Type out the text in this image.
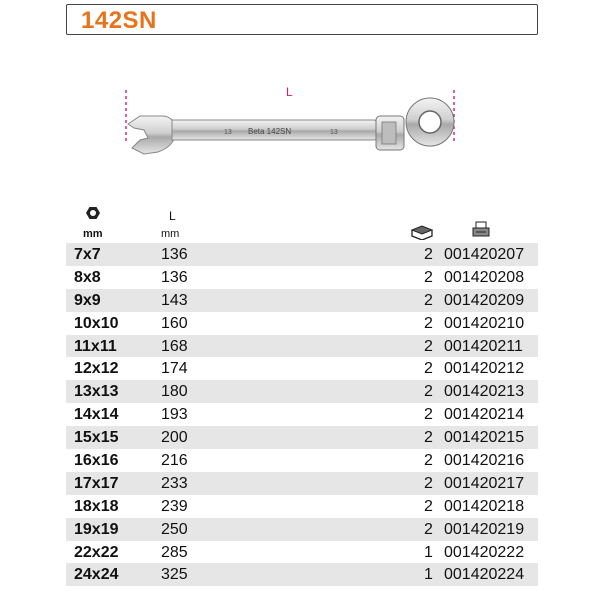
142SN
L
13 Beta 142SN	13
mm
L
mm
7x7	136	2 001420207
8x8	136	2 001420208
9x9	143	2 001420209
10x10	160	2 001420210
11x11	168	2 001420211
12x12	174	2 001420212
13x13	180	2 001420213
14x14	193	2 001420214
15x15	200	2 001420215
16x16	216	2 001420216
17x17	233	2 001420217
18x18	239	2 001420218
19x19	250	2 001420219
22x22	285	1 001420222
24x24	325	1 001420224
